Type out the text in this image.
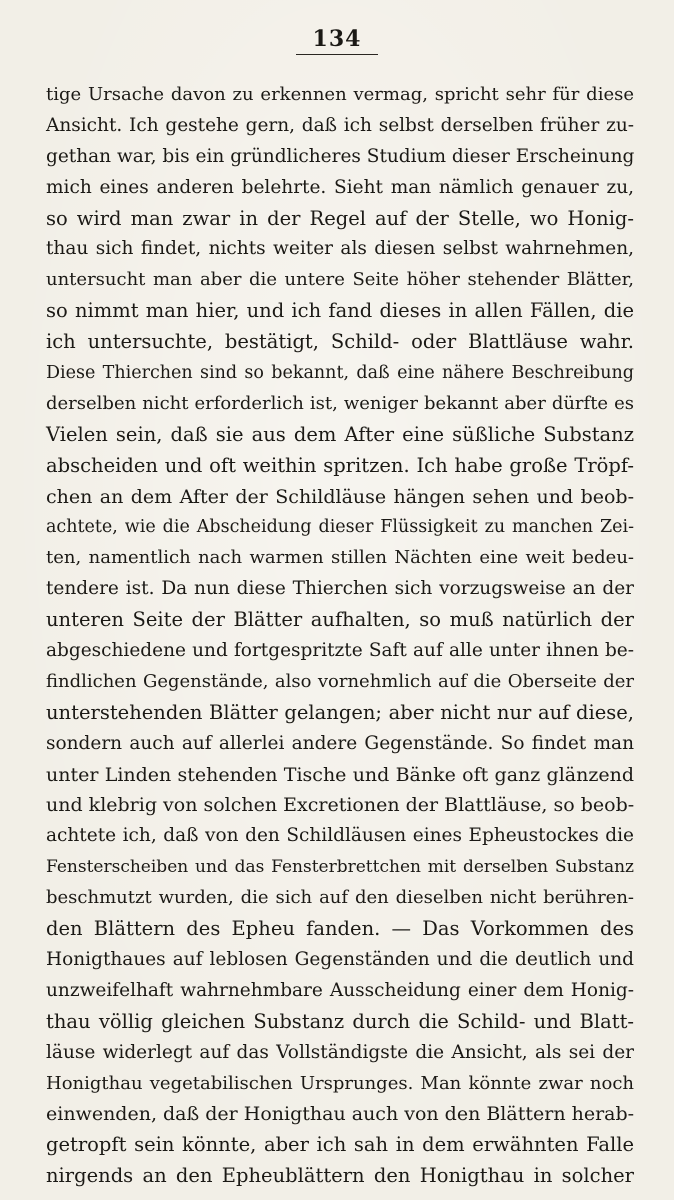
134
tige Ursache davon zu erkennen vermag, spricht sehr für diese
Ansicht. Ich gestehe gern, daß ich selbst derselben früher zu-
gethan war, bis ein gründlicheres Studium dieser Erscheinung
mich eines anderen belehrte. Sieht man nämlich genauer zu,
so wird man zwar in der Regel auf der Stelle, wo Honig-
thau sich findet, nichts weiter als diesen selbst wahrnehmen,
untersucht man aber die untere Seite höher stehender Blätter,
so nimmt man hier, und ich fand dieses in allen Fällen, die
ich untersuchte, bestätigt, Schild- oder Blattläuse wahr.
Diese Thierchen sind so bekannt, daß eine nähere Beschreibung
derselben nicht erforderlich ist, weniger bekannt aber dürfte es
Vielen sein, daß sie aus dem After eine süßliche Substanz
abscheiden und oft weithin spritzen. Ich habe große Tröpf-
chen an dem After der Schildläuse hängen sehen und beob-
achtete, wie die Abscheidung dieser Flüssigkeit zu manchen Zei-
ten, namentlich nach warmen stillen Nächten eine weit bedeu-
tendere ist. Da nun diese Thierchen sich vorzugsweise an der
unteren Seite der Blätter aufhalten, so muß natürlich der
abgeschiedene und fortgespritzte Saft auf alle unter ihnen be-
findlichen Gegenstände, also vornehmlich auf die Oberseite der
unterstehenden Blätter gelangen; aber nicht nur auf diese,
sondern auch auf allerlei andere Gegenstände. So findet man
unter Linden stehenden Tische und Bänke oft ganz glänzend
und klebrig von solchen Excretionen der Blattläuse, so beob-
achtete ich, daß von den Schildläusen eines Epheustockes die
Fensterscheiben und das Fensterbrettchen mit derselben Substanz
beschmutzt wurden, die sich auf den dieselben nicht berühren-
den Blättern des Epheu fanden. — Das Vorkommen des
Honigthaues auf leblosen Gegenständen und die deutlich und
unzweifelhaft wahrnehmbare Ausscheidung einer dem Honig-
thau völlig gleichen Substanz durch die Schild- und Blatt-
läuse widerlegt auf das Vollständigste die Ansicht, als sei der
Honigthau vegetabilischen Ursprunges. Man könnte zwar noch
einwenden, daß der Honigthau auch von den Blättern herab-
getropft sein könnte, aber ich sah in dem erwähnten Falle
nirgends an den Epheublättern den Honigthau in solcher
